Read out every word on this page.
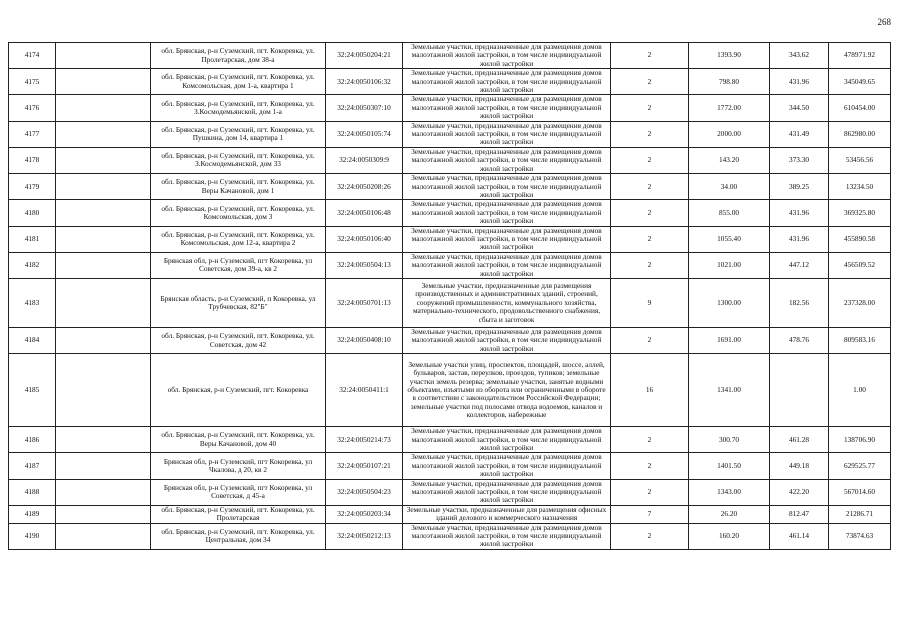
268
4174		обл. Брянская, р-н Суземский, пгт. Кокоревка, ул. Пролетарская, дом 38-а	32:24:0050204:21	Земельные участки, предназначенные для размещения домов малоэтажной жилой застройки, в том числе индивидуальной жилой застройки	2	1393.90	343.62	478971.92
4175		обл. Брянская, р-н Суземский, пгт. Кокоревка, ул. Комсомольская, дом 1-а, квартира 1	32:24:0050106:32	Земельные участки, предназначенные для размещения домов малоэтажной жилой застройки, в том числе индивидуальной жилой застройки	2	798.80	431.96	345049.65
4176		обл. Брянская, р-н Суземский, пгт. Кокоревка, ул. З.Космодемьянской, дом 1-а	32:24:0050307:10	Земельные участки, предназначенные для размещения домов малоэтажной жилой застройки, в том числе индивидуальной жилой застройки	2	1772.00	344.50	610454.00
4177		обл. Брянская, р-н Суземский, пгт. Кокоревка, ул. Пушкина, дом 14, квартира 1	32:24:0050105:74	Земельные участки, предназначенные для размещения домов малоэтажной жилой застройки, в том числе индивидуальной жилой застройки	2	2000.00	431.49	862980.00
4178		обл. Брянская, р-н Суземский, пгт. Кокоревка, ул. З.Космодемьянской, дом 33	32:24:0050309:9	Земельные участки, предназначенные для размещения домов малоэтажной жилой застройки, в том числе индивидуальной жилой застройки	2	143.20	373.30	53456.56
4179		обл. Брянская, р-н Суземский, пгт. Кокоревка, ул. Веры Качановой, дом 1	32:24:0050208:26	Земельные участки, предназначенные для размещения домов малоэтажной жилой застройки, в том числе индивидуальной жилой застройки	2	34.00	389.25	13234.50
4180		обл. Брянская, р-н Суземский, пгт. Кокоревка, ул. Комсомольская, дом 3	32:24:0050106:48	Земельные участки, предназначенные для размещения домов малоэтажной жилой застройки, в том числе индивидуальной жилой застройки	2	855.00	431.96	369325.80
4181		обл. Брянская, р-н Суземский, пгт. Кокоревка, ул. Комсомольская, дом 12-а, квартира 2	32:24:0050106:40	Земельные участки, предназначенные для размещения домов малоэтажной жилой застройки, в том числе индивидуальной жилой застройки	2	1055.40	431.96	455890.58
4182		Брянская обл, р-н Суземский, пгт Кокоревка, ул Советская, дом 39-а, кв 2	32:24:0050504:13	Земельные участки, предназначенные для размещения домов малоэтажной жилой застройки, в том числе индивидуальной жилой застройки	2	1021.00	447.12	456509.52
4183		Брянская область, р-н Суземский, п Кокоревка, ул Трубчевская, 82"Б"	32:24:0050701:13	Земельные участки, предназначенные для размещения производственных и административных зданий, строений, сооружений промышленности, коммунального хозяйства, материально-технического, продовольственного снабжения, сбыта и заготовок	9	1300.00	182.56	237328.00
4184		обл. Брянская, р-н Суземский, пгт. Кокоревка, ул. Советская, дом 42	32:24:0050408:10	Земельные участки, предназначенные для размещения домов малоэтажной жилой застройки, в том числе индивидуальной жилой застройки	2	1691.00	478.76	809583.16
4185		обл. Брянская, р-н Суземский, пгт. Кокоревка	32:24:0050411:1	Земельные участки улиц, проспектов, площадей, шоссе, аллей, бульваров, застав, переулков, проездов, тупиков; земельные участки земель резерва; земельные участки, занятые водными объектами, изъятыми из оборота или ограниченными в обороте в соответствии с законодательством Российской Федерации; земельные участки под полосами отвода водоемов, каналов и коллекторов, набережные	16	1341.00		1.00
4186		обл. Брянская, р-н Суземский, пгт. Кокоревка, ул. Веры Качановой, дом 40	32:24:0050214:73	Земельные участки, предназначенные для размещения домов малоэтажной жилой застройки, в том числе индивидуальной жилой застройки	2	300.70	461.28	138706.90
4187		Брянская обл, р-н Суземский, пгт Кокоревка, ул Чкалова, д 20, кв 2	32:24:0050107:21	Земельные участки, предназначенные для размещения домов малоэтажной жилой застройки, в том числе индивидуальной жилой застройки	2	1401.50	449.18	629525.77
4188		Брянская обл, р-н Суземский, пгт Кокоревка, ул Советская, д 45-а	32:24:0050504:23	Земельные участки, предназначенные для размещения домов малоэтажной жилой застройки, в том числе индивидуальной жилой застройки	2	1343.00	422.20	567014.60
4189		обл. Брянская, р-н Суземский, пгт. Кокоревка, ул. Пролетарская	32:24:0050203:34	Земельные участки, предназначенные для размещения офисных зданий делового и коммерческого назначения	7	26.20	812.47	21286.71
4190		обл. Брянская, р-н Суземский, пгт. Кокоревка, ул. Центральная, дом 34	32:24:0050212:13	Земельные участки, предназначенные для размещения домов малоэтажной жилой застройки, в том числе индивидуальной жилой застройки	2	160.20	461.14	73874.63
